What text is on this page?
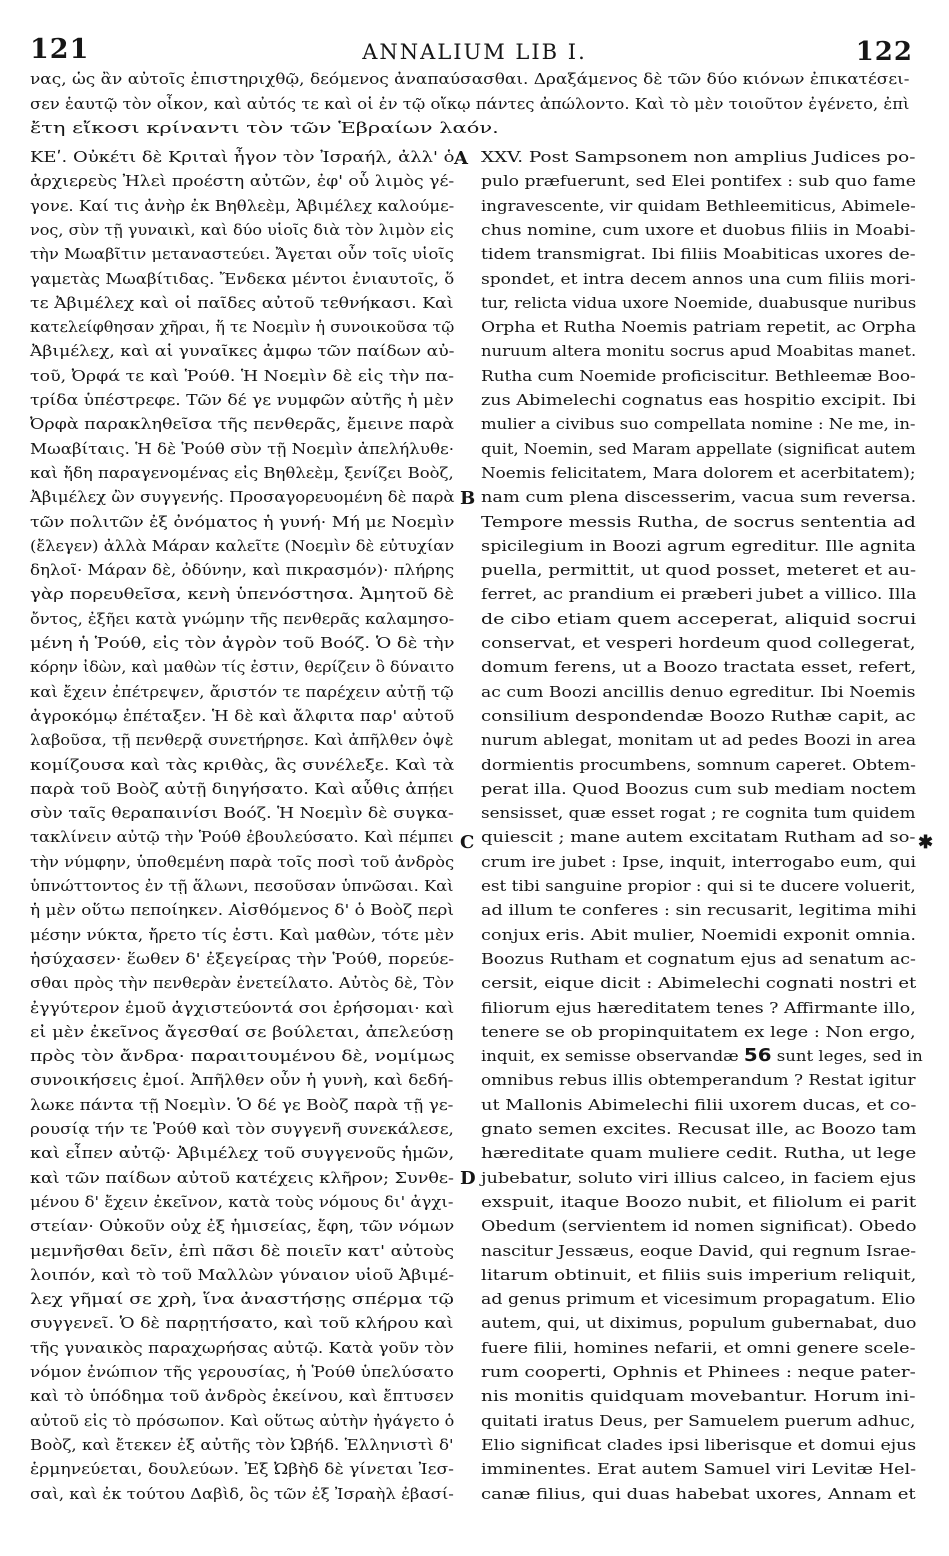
121	ANNALIUM LIB I.	122
νας, ὡς ἂν αὐτοῖς ἐπιστηριχθῷ, δεόμενος ἀναπαύσασθαι. Δραξάμενος δὲ τῶν δύο κιόνων ἐπικατέσει-
σεν ἑαυτῷ τὸν οἶκον, καὶ αὐτός τε καὶ οἱ ἐν τῷ οἴκῳ πάντες ἀπώλοντο. Καὶ τὸ μὲν τοιοῦτον ἐγένετο, ἐπὶ
ἔτη εἴκοσι κρίναντι τὸν τῶν Ἑβραίων λαόν.
ΚΕʹ. Οὐκέτι δὲ Κριταὶ ἦγον τὸν Ἰσραήλ, ἀλλ' ὁ
ἀρχιερεὺς Ἠλεὶ προέστη αὐτῶν, ἐφ' οὗ λιμὸς γέ-
γονε. Καί τις ἀνὴρ ἐκ Βηθλεὲμ, Ἀβιμέλεχ καλούμε-
νος, σὺν τῇ γυναικὶ, καὶ δύο υἱοῖς διὰ τὸν λιμὸν εἰς
τὴν Μωαβῖτιν μεταναστεύει. Ἄγεται οὖν τοῖς υἱοῖς
γαμετὰς Μωαβίτιδας. Ἔνδεκα μέντοι ἐνιαυτοῖς, ὅ
τε Ἀβιμέλεχ καὶ οἱ παῖδες αὐτοῦ τεθνήκασι. Καὶ
κατελείφθησαν χῆραι, ἥ τε Νοεμὶν ἡ συνοικοῦσα τῷ
Ἀβιμέλεχ, καὶ αἱ γυναῖκες ἀμφω τῶν παίδων αὐ-
τοῦ, Ὀρφά τε καὶ Ῥούθ. Ἡ Νοεμὶν δὲ εἰς τὴν πα-
τρίδα ὑπέστρεφε. Τῶν δέ γε νυμφῶν αὐτῆς ἡ μὲν
Ὀρφὰ παρακληθεῖσα τῆς πενθερᾶς, ἔμεινε παρὰ
Μωαβίταις. Ἡ δὲ Ῥούθ σὺν τῇ Νοεμὶν ἀπελήλυθε·
καὶ ἤδη παραγενομένας εἰς Βηθλεὲμ, ξενίζει Βοὸζ,
Ἀβιμέλεχ ὢν συγγενής. Προσαγορευομένη δὲ παρὰ
τῶν πολιτῶν ἐξ ὀνόματος ἡ γυνή· Μή με Νοεμὶν
(ἔλεγεν) ἀλλὰ Μάραν καλεῖτε (Νοεμὶν δὲ εὐτυχίαν
δηλοῖ· Μάραν δὲ, ὀδύνην, καὶ πικρασμόν)· πλήρης
γὰρ πορευθεῖσα, κενὴ ὑπενόστησα. Ἀμητοῦ δὲ
ὄντος, ἐξῆει κατὰ γνώμην τῆς πενθερᾶς καλαμησο-
μένη ἡ Ῥούθ, εἰς τὸν ἀγρὸν τοῦ Βοόζ. Ὁ δὲ τὴν
κόρην ἰδὼν, καὶ μαθὼν τίς ἐστιν, θερίζειν ὃ δύναιτο
καὶ ἔχειν ἐπέτρεψεν, ἄριστόν τε παρέχειν αὐτῇ τῷ
ἀγροκόμῳ ἐπέταξεν. Ἡ δὲ καὶ ἄλφιτα παρ' αὐτοῦ
λαβοῦσα, τῇ πενθερᾷ συνετήρησε. Καὶ ἀπῆλθεν ὀψὲ
κομίζουσα καὶ τὰς κριθὰς, ἃς συνέλεξε. Καὶ τὰ
παρὰ τοῦ Βοὸζ αὐτῇ διηγήσατο. Καὶ αὖθις ἀπῄει
σὺν ταῖς θεραπαινίσι Βοόζ. Ἡ Νοεμὶν δὲ συγκα-
τακλίνειν αὐτῷ τὴν Ῥούθ ἐβουλεύσατο. Καὶ πέμπει
τὴν νύμφην, ὑποθεμένη παρὰ τοῖς ποσὶ τοῦ ἀνδρὸς
ὑπνώττοντος ἐν τῇ ἅλωνι, πεσοῦσαν ὑπνῶσαι. Καὶ
ἡ μὲν οὕτω πεποίηκεν. Αἰσθόμενος δ' ὁ Βοὸζ περὶ
μέσην νύκτα, ἤρετο τίς ἐστι. Καὶ μαθὼν, τότε μὲν
ἡσύχασεν· ἕωθεν δ' ἐξεγείρας τὴν Ῥούθ, πορεύε-
σθαι πρὸς τὴν πενθερὰν ἐνετείλατο. Αὐτὸς δὲ, Τὸν
ἐγγύτερον ἐμοῦ ἀγχιστεύοντά σοι ἐρήσομαι· καὶ
εἰ μὲν ἐκεῖνος ἄγεσθαί σε βούλεται, ἀπελεύσῃ
πρὸς τὸν ἄνδρα· παραιτουμένου δὲ, νομίμως
συνοικήσεις ἐμοί. Ἀπῆλθεν οὖν ἡ γυνὴ, καὶ δεδή-
λωκε πάντα τῇ Νοεμὶν. Ὁ δέ γε Βοὸζ παρὰ τῇ γε-
ρουσίᾳ τήν τε Ῥούθ καὶ τὸν συγγενῆ συνεκάλεσε,
καὶ εἶπεν αὐτῷ· Ἀβιμέλεχ τοῦ συγγενοῦς ἡμῶν,
καὶ τῶν παίδων αὐτοῦ κατέχεις κλῆρον; Συνθε-
μένου δ' ἔχειν ἐκεῖνον, κατὰ τοὺς νόμους δι' ἀγχι-
στείαν· Οὐκοῦν οὐχ ἐξ ἡμισείας, ἔφη, τῶν νόμων
μεμνῆσθαι δεῖν, ἐπὶ πᾶσι δὲ ποιεῖν κατ' αὐτοὺς
λοιπόν, καὶ τὸ τοῦ Μαλλὼν γύναιον υἱοῦ Ἀβιμέ-
λεχ γῆμαί σε χρὴ, ἵνα ἀναστήσῃς σπέρμα τῷ
συγγενεῖ. Ὁ δὲ παρῃτήσατο, καὶ τοῦ κλήρου καὶ
τῆς γυναικὸς παραχωρήσας αὐτῷ. Κατὰ γοῦν τὸν
νόμον ἐνώπιον τῆς γερουσίας, ἡ Ῥούθ ὑπελύσατο
καὶ τὸ ὑπόδημα τοῦ ἀνδρὸς ἐκείνου, καὶ ἔπτυσεν
αὐτοῦ εἰς τὸ πρόσωπον. Καὶ οὕτως αὐτὴν ἠγάγετο ὁ
Βοὸζ, καὶ ἔτεκεν ἐξ αὐτῆς τὸν Ὠβήδ. Ἑλληνιστὶ δ'
ἑρμηνεύεται, δουλεύων. Ἐξ Ὠβὴδ δὲ γίνεται Ἰεσ-
σαὶ, καὶ ἐκ τούτου Δαβὶδ, ὃς τῶν ἐξ Ἰσραὴλ ἐβασί-
XXV. Post Sampsonem non amplius Judices po-
pulo præfuerunt, sed Elei pontifex : sub quo fame
ingravescente, vir quidam Bethleemiticus, Abimele-
chus nomine, cum uxore et duobus filiis in Moabi-
tidem transmigrat. Ibi filiis Moabiticas uxores de-
spondet, et intra decem annos una cum filiis mori-
tur, relicta vidua uxore Noemide, duabusque nuribus
Orpha et Rutha Noemis patriam repetit, ac Orpha
nuruum altera monitu socrus apud Moabitas manet.
Rutha cum Noemide proficiscitur. Bethleemæ Boo-
zus Abimelechi cognatus eas hospitio excipit. Ibi
mulier a civibus suo compellata nomine : Ne me, in-
quit, Noemin, sed Maram appellate (significat autem
Noemis felicitatem, Mara dolorem et acerbitatem);
nam cum plena discesserim, vacua sum reversa.
Tempore messis Rutha, de socrus sententia ad
spicilegium in Boozi agrum egreditur. Ille agnita
puella, permittit, ut quod posset, meteret et au-
ferret, ac prandium ei præberi jubet a villico. Illa
de cibo etiam quem acceperat, aliquid socrui
conservat, et vesperi hordeum quod collegerat,
domum ferens, ut a Boozo tractata esset, refert,
ac cum Boozi ancillis denuo egreditur. Ibi Noemis
consilium despondendæ Boozo Ruthæ capit, ac
nurum ablegat, monitam ut ad pedes Boozi in area
dormientis procumbens, somnum caperet. Obtem-
perat illa. Quod Boozus cum sub mediam noctem
sensisset, quæ esset rogat ; re cognita tum quidem
quiescit ; mane autem excitatam Rutham ad so-
crum ire jubet : Ipse, inquit, interrogabo eum, qui
est tibi sanguine propior : qui si te ducere voluerit,
ad illum te conferes : sin recusarit, legitima mihi
conjux eris. Abit mulier, Noemidi exponit omnia.
Boozus Rutham et cognatum ejus ad senatum ac-
cersit, eique dicit : Abimelechi cognati nostri et
filiorum ejus hæreditatem tenes ? Affirmante illo,
tenere se ob propinquitatem ex lege : Non ergo,
inquit, ex semisse observandæ 56 sunt leges, sed in
omnibus rebus illis obtemperandum ? Restat igitur
ut Mallonis Abimelechi filii uxorem ducas, et co-
gnato semen excites. Recusat ille, ac Boozo tam
hæreditate quam muliere cedit. Rutha, ut lege
jubebatur, soluto viri illius calceo, in faciem ejus
exspuit, itaque Boozo nubit, et filiolum ei parit
Obedum (servientem id nomen significat). Obedo
nascitur Jessæus, eoque David, qui regnum Israe-
litarum obtinuit, et filiis suis imperium reliquit,
ad genus primum et vicesimum propagatum. Elio
autem, qui, ut diximus, populum gubernabat, duo
fuere filii, homines nefarii, et omni genere scele-
rum cooperti, Ophnis et Phinees : neque pater-
nis monitis quidquam movebantur. Horum ini-
quitati iratus Deus, per Samuelem puerum adhuc,
Elio significat clades ipsi liberisque et domui ejus
imminentes. Erat autem Samuel viri Levitæ Hel-
canæ filius, qui duas habebat uxores, Annam et
A
B
C
D
✱
